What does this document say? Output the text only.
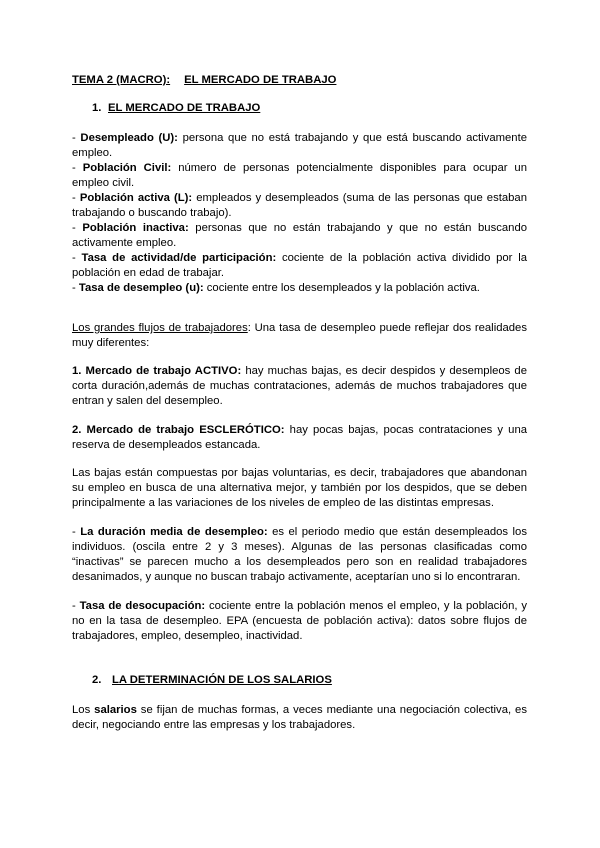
TEMA 2 (MACRO): EL MERCADO DE TRABAJO
1. EL MERCADO DE TRABAJO

- Desempleado (U): persona que no está trabajando y que está buscando activamente empleo.

- Población Civil: número de personas potencialmente disponibles para ocupar un empleo civil.

- Población activa (L): empleados y desempleados (suma de las personas que estaban trabajando o buscando trabajo).

- Población inactiva: personas que no están trabajando y que no están buscando activamente empleo.

- Tasa de actividad/de participación: cociente de la población activa dividido por la población en edad de trabajar.

- Tasa de desempleo (u): cociente entre los desempleados y la población activa.

Los grandes flujos de trabajadores: Una tasa de desempleo puede reflejar dos realidades muy diferentes:

1. Mercado de trabajo ACTIVO: hay muchas bajas, es decir despidos y desempleos de corta duración,además de muchas contrataciones, además de muchos trabajadores que entran y salen del desempleo.

2. Mercado de trabajo ESCLERÓTICO: hay pocas bajas, pocas contrataciones y una reserva de desempleados estancada.

Las bajas están compuestas por bajas voluntarias, es decir, trabajadores que abandonan su empleo en busca de una alternativa mejor, y también por los despidos, que se deben principalmente a las variaciones de los niveles de empleo de las distintas empresas.

- La duración media de desempleo: es el periodo medio que están desempleados los individuos. (oscila entre 2 y 3 meses). Algunas de las personas clasificadas como “inactivas” se parecen mucho a los desempleados pero son en realidad trabajadores desanimados, y aunque no buscan trabajo activamente, aceptarían uno si lo encontraran.

- Tasa de desocupación: cociente entre la población menos el empleo, y la población, y no en la tasa de desempleo. EPA (encuesta de población activa): datos sobre flujos de trabajadores, empleo, desempleo, inactividad.

2. LA DETERMINACIÓN DE LOS SALARIOS

Los salarios se fijan de muchas formas, a veces mediante una negociación colectiva, es decir, negociando entre las empresas y los trabajadores.
